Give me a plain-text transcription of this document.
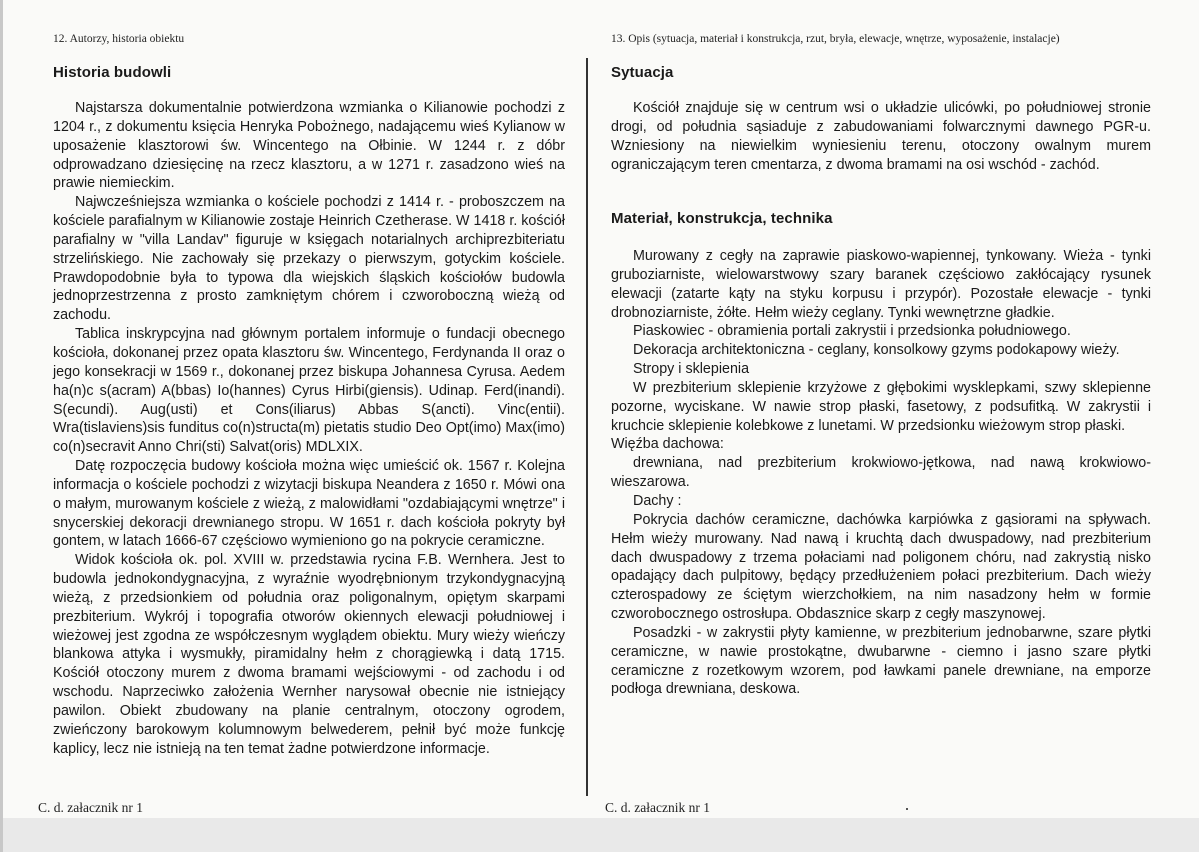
12. Autorzy, historia obiektu
Historia budowli

Najstarsza dokumentalnie potwierdzona wzmianka o Kilianowie pochodzi z 1204 r., z dokumentu księcia Henryka Pobożnego, nadającemu wieś Kylianow w uposażenie klasztorowi św. Wincentego na Ołbinie. W 1244 r. z dóbr odprowadzano dziesięcinę na rzecz klasztoru, a w 1271 r. zasadzono wieś na prawie niemieckim.

Najwcześniejsza wzmianka o kościele pochodzi z 1414 r. - proboszczem na kościele parafialnym w Kilianowie zostaje Heinrich Czetherase. W 1418 r. kościół parafialny w "villa Landav" figuruje w księgach notarialnych archiprezbiteriatu strzelińskiego. Nie zachowały się przekazy o pierwszym, gotyckim kościele. Prawdopodobnie była to typowa dla wiejskich śląskich kościołów budowla jednoprzestrzenna z prosto zamkniętym chórem i czworoboczną wieżą od zachodu.

Tablica inskrypcyjna nad głównym portalem informuje o fundacji obecnego kościoła, dokonanej przez opata klasztoru św. Wincentego, Ferdynanda II oraz o jego konsekracji w 1569 r., dokonanej przez biskupa Johannesa Cyrusa. Aedem ha(n)c s(acram) A(bbas) Io(hannes) Cyrus Hirbi(giensis). Udinap. Ferd(inandi). S(ecundi). Aug(usti) et Cons(iliarus) Abbas S(ancti). Vinc(entii). Wra(tislaviens)sis funditus co(n)structa(m) pietatis studio Deo Opt(imo) Max(imo) co(n)secravit Anno Chri(sti) Salvat(oris) MDLXIX.

Datę rozpoczęcia budowy kościoła można więc umieścić ok. 1567 r. Kolejna informacja o kościele pochodzi z wizytacji biskupa Neandera z 1650 r. Mówi ona o małym, murowanym kościele z wieżą, z malowidłami "ozdabiającymi wnętrze" i snycerskiej dekoracji drewnianego stropu. W 1651 r. dach kościoła pokryty był gontem, w latach 1666-67 częściowo wymieniono go na pokrycie ceramiczne.

Widok kościoła ok. pol. XVIII w. przedstawia rycina F.B. Wernhera. Jest to budowla jednokondygnacyjna, z wyraźnie wyodrębnionym trzykondygnacyjną wieżą, z przedsionkiem od południa oraz poligonalnym, opiętym skarpami prezbiterium. Wykrój i topografia otworów okiennych elewacji południowej i wieżowej jest zgodna ze współczesnym wyglądem obiektu. Mury wieży wieńczy blankowa attyka i wysmukły, piramidalny hełm z chorągiewką i datą 1715. Kościół otoczony murem z dwoma bramami wejściowymi - od zachodu i od wschodu. Naprzeciwko założenia Wernher narysował obecnie nie istniejący pawilon. Obiekt zbudowany na planie centralnym, otoczony ogrodem, zwieńczony barokowym kolumnowym belwederem, pełnił być może funkcję kaplicy, lecz nie istnieją na ten temat żadne potwierdzone informacje.

C. d. załacznik nr 1
13. Opis (sytuacja, materiał i konstrukcja, rzut, bryła, elewacje, wnętrze, wyposażenie, instalacje)
Sytuacja

Kościół znajduje się w centrum wsi o układzie ulicówki, po południowej stronie drogi, od południa sąsiaduje z zabudowaniami folwarcznymi dawnego PGR-u. Wzniesiony na niewielkim wyniesieniu terenu, otoczony owalnym murem ograniczającym teren cmentarza, z dwoma bramami na osi wschód - zachód.

Materiał, konstrukcja, technika

Murowany z cegły na zaprawie piaskowo-wapiennej, tynkowany. Wieża - tynki gruboziarniste, wielowarstwowy szary baranek częściowo zakłócający rysunek elewacji (zatarte kąty na styku korpusu i przypór). Pozostałe elewacje - tynki drobnoziarniste, żółte. Hełm wieży ceglany. Tynki wewnętrzne gładkie.

Piaskowiec - obramienia portali zakrystii i przedsionka południowego.

Dekoracja architektoniczna - ceglany, konsolkowy gzyms podokapowy wieży.

Stropy i sklepienia

W prezbiterium sklepienie krzyżowe z głębokimi wysklepkami, szwy sklepienne pozorne, wyciskane. W nawie strop płaski, fasetowy, z podsufitką. W zakrystii i kruchcie sklepienie kolebkowe z lunetami. W przedsionku wieżowym strop płaski.

Więźba dachowa:

drewniana, nad prezbiterium krokwiowo-jętkowa, nad nawą krokwiowo-wieszarowa.

Dachy :

Pokrycia dachów ceramiczne, dachówka karpiówka z gąsiorami na spływach. Hełm wieży murowany. Nad nawą i kruchtą dach dwuspadowy, nad prezbiterium dach dwuspadowy z trzema połaciami nad poligonem chóru, nad zakrystią nisko opadający dach pulpitowy, będący przedłużeniem połaci prezbiterium. Dach wieży czterospadowy ze ściętym wierzchołkiem, na nim nasadzony hełm w formie czworobocznego ostrosłupa. Obdasznice skarp z cegły maszynowej.

Posadzki - w zakrystii płyty kamienne, w prezbiterium jednobarwne, szare płytki ceramiczne, w nawie prostokątne, dwubarwne - ciemno i jasno szare płytki ceramiczne z rozetkowym wzorem, pod ławkami panele drewniane, na emporze podłoga drewniana, deskowa.

C. d. załacznik nr 1
